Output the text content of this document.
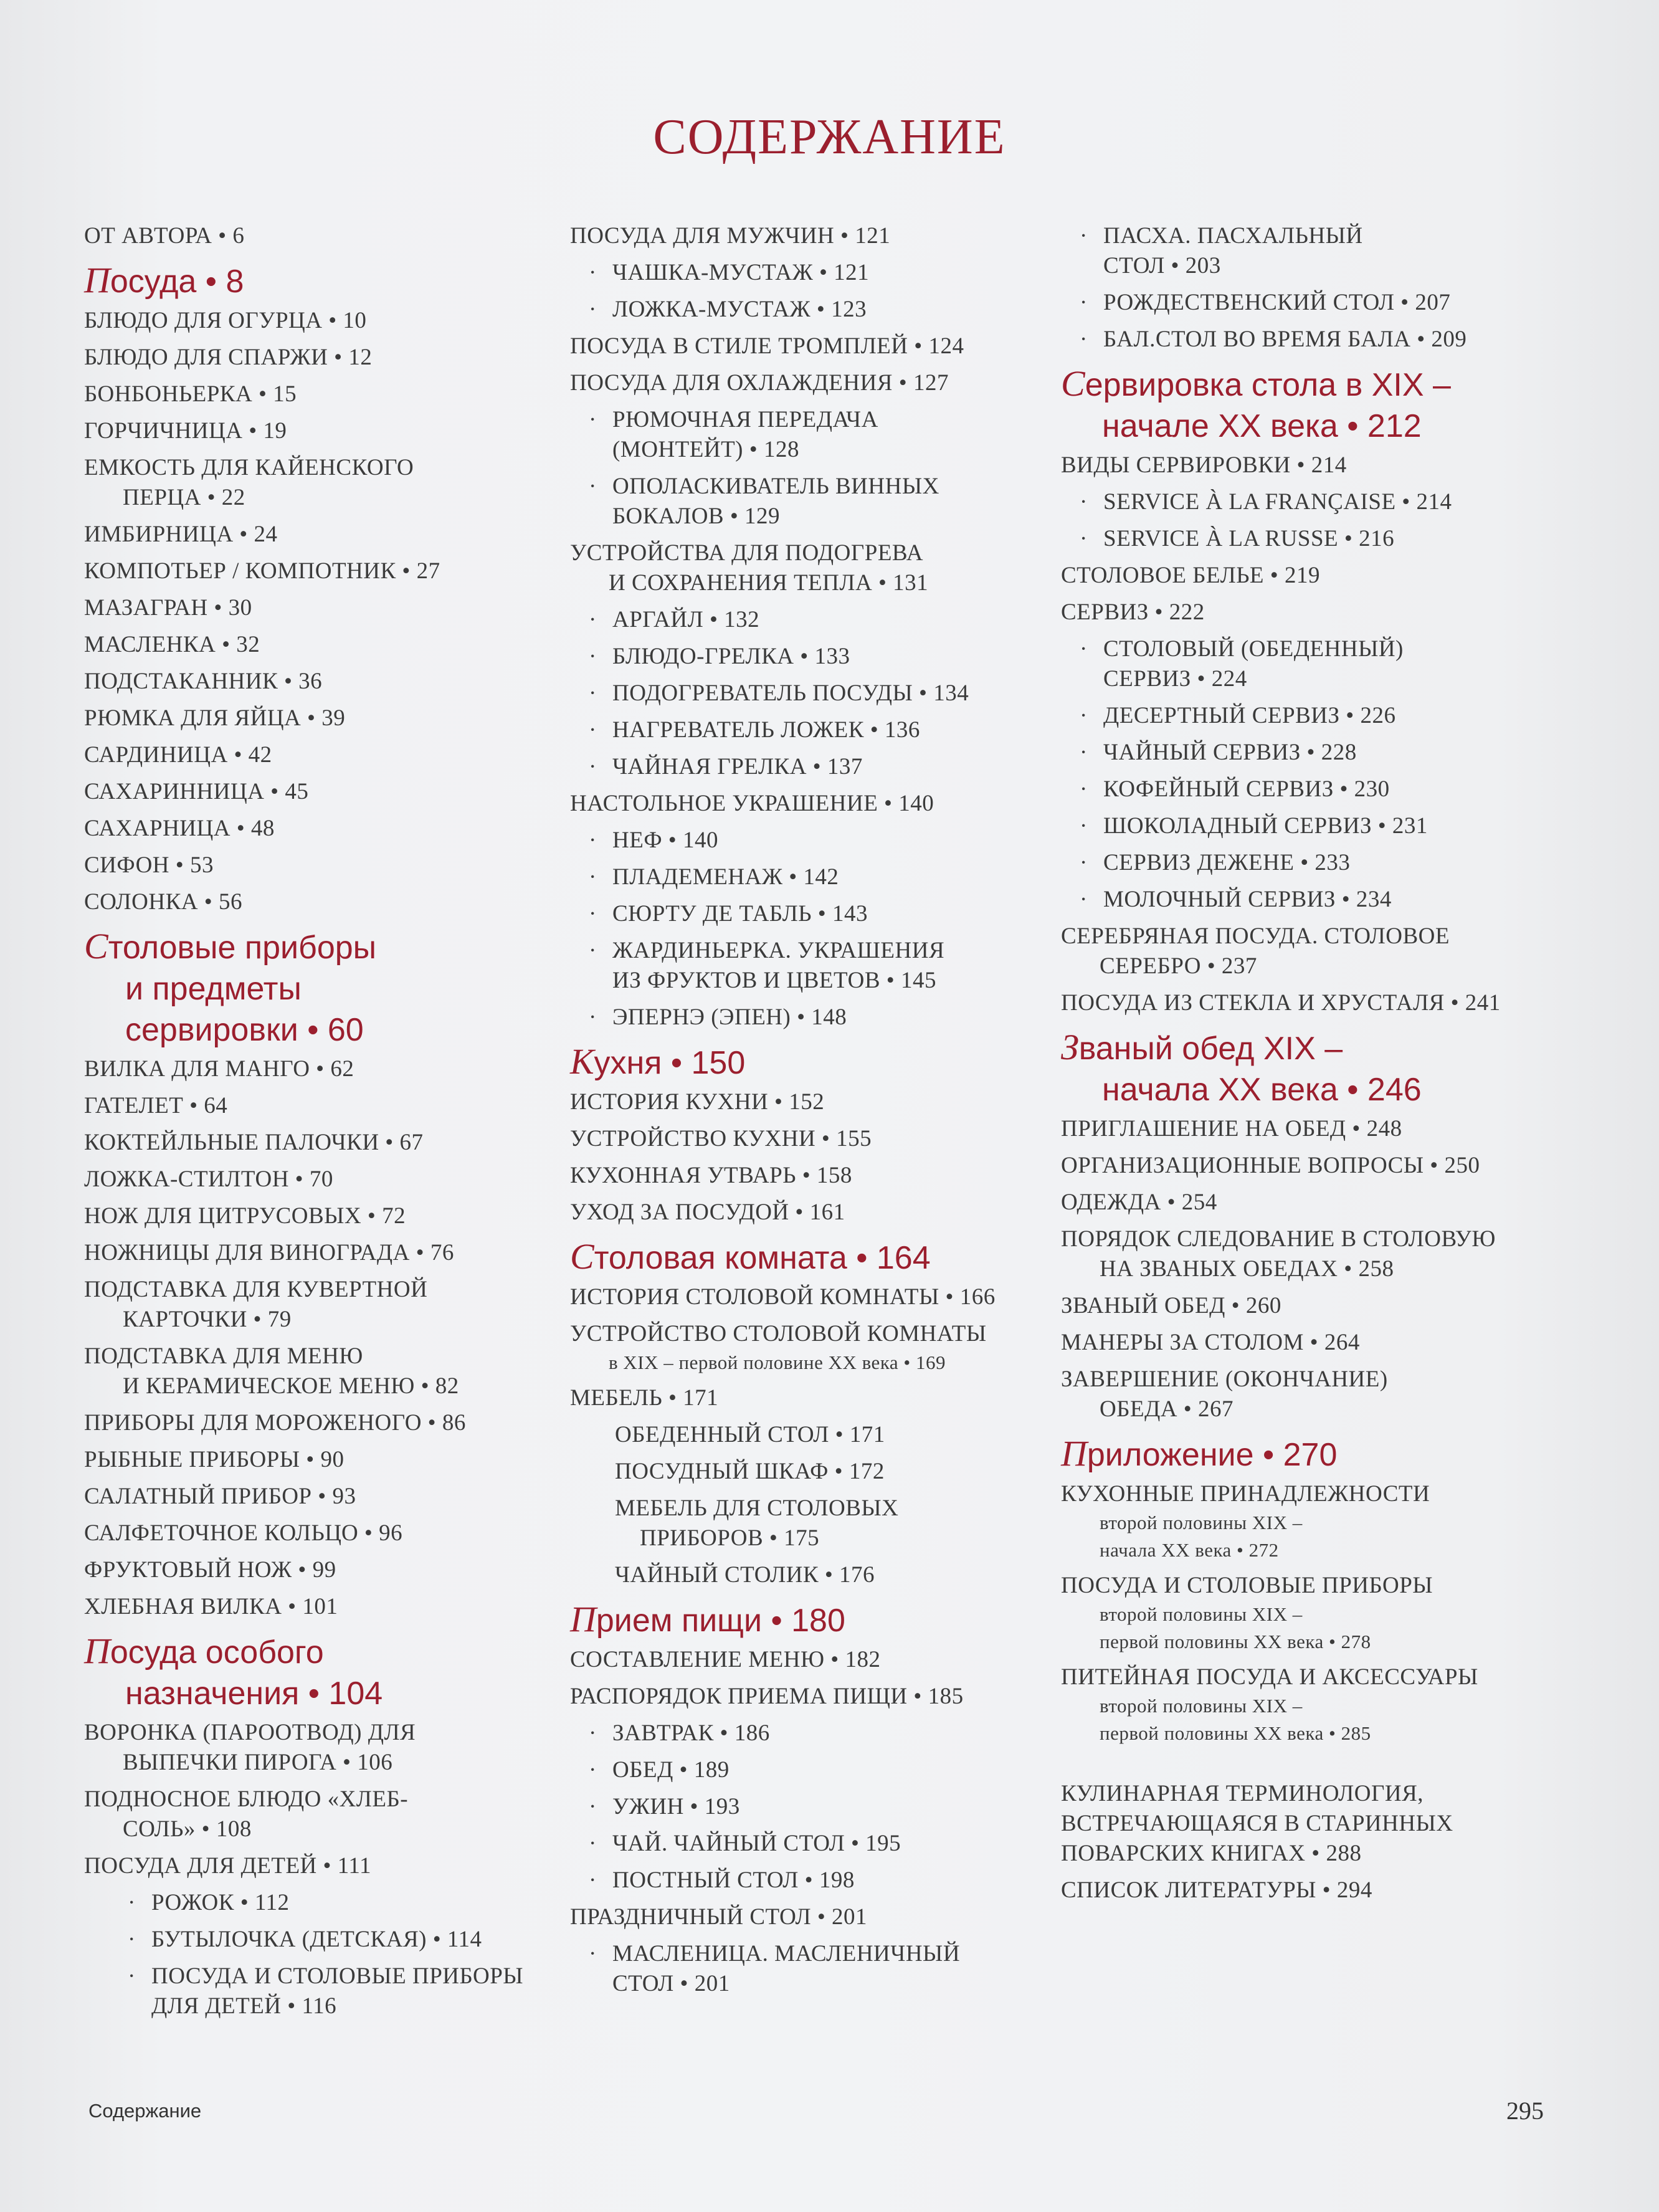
СОДЕРЖАНИЕ
ОТ АВТОРА • 6
Посуда • 8
БЛЮДО ДЛЯ ОГУРЦА • 10
БЛЮДО ДЛЯ СПАРЖИ • 12
БОНБОНЬЕРКА • 15
ГОРЧИЧНИЦА • 19
ЕМКОСТЬ ДЛЯ КАЙЕНСКОГО
ПЕРЦА • 22
ИМБИРНИЦА • 24
КОМПОТЬЕР / КОМПОТНИК • 27
МАЗАГРАН • 30
МАСЛЕНКА • 32
ПОДСТАКАННИК • 36
РЮМКА ДЛЯ ЯЙЦА • 39
САРДИНИЦА • 42
САХАРИННИЦА • 45
САХАРНИЦА • 48
СИФОН • 53
СОЛОНКА • 56
Столовые приборы
и предметы
сервировки • 60
ВИЛКА ДЛЯ МАНГО • 62
ГАТЕЛЕТ • 64
КОКТЕЙЛЬНЫЕ ПАЛОЧКИ • 67
ЛОЖКА-СТИЛТОН • 70
НОЖ ДЛЯ ЦИТРУСОВЫХ • 72
НОЖНИЦЫ ДЛЯ ВИНОГРАДА • 76
ПОДСТАВКА ДЛЯ КУВЕРТНОЙ
КАРТОЧКИ • 79
ПОДСТАВКА ДЛЯ МЕНЮ
И КЕРАМИЧЕСКОЕ МЕНЮ • 82
ПРИБОРЫ ДЛЯ МОРОЖЕНОГО • 86
РЫБНЫЕ ПРИБОРЫ • 90
САЛАТНЫЙ ПРИБОР • 93
САЛФЕТОЧНОЕ КОЛЬЦО • 96
ФРУКТОВЫЙ НОЖ • 99
ХЛЕБНАЯ ВИЛКА • 101
Посуда особого
назначения • 104
ВОРОНКА (ПАРООТВОД) ДЛЯ
ВЫПЕЧКИ ПИРОГА • 106
ПОДНОСНОЕ БЛЮДО «ХЛЕБ-
СОЛЬ» • 108
ПОСУДА ДЛЯ ДЕТЕЙ • 111
· РОЖОК • 112
· БУТЫЛОЧКА (ДЕТСКАЯ) • 114
· ПОСУДА И СТОЛОВЫЕ ПРИБОРЫ
ДЛЯ ДЕТЕЙ • 116
ПОСУДА ДЛЯ МУЖЧИН • 121
· ЧАШКА-МУСТАЖ • 121
· ЛОЖКА-МУСТАЖ • 123
ПОСУДА В СТИЛЕ ТРОМПЛЕЙ • 124
ПОСУДА ДЛЯ ОХЛАЖДЕНИЯ • 127
· РЮМОЧНАЯ ПЕРЕДАЧА
(МОНТЕЙТ) • 128
· ОПОЛАСКИВАТЕЛЬ ВИННЫХ
БОКАЛОВ • 129
УСТРОЙСТВА ДЛЯ ПОДОГРЕВА
И СОХРАНЕНИЯ ТЕПЛА • 131
· АРГАЙЛ • 132
· БЛЮДО-ГРЕЛКА • 133
· ПОДОГРЕВАТЕЛЬ ПОСУДЫ • 134
· НАГРЕВАТЕЛЬ ЛОЖЕК • 136
· ЧАЙНАЯ ГРЕЛКА • 137
НАСТОЛЬНОЕ УКРАШЕНИЕ • 140
· НЕФ • 140
· ПЛАДЕМЕНАЖ • 142
· СЮРТУ ДЕ ТАБЛЬ • 143
· ЖАРДИНЬЕРКА. УКРАШЕНИЯ
ИЗ ФРУКТОВ И ЦВЕТОВ • 145
· ЭПЕРНЭ (ЭПЕН) • 148
Кухня • 150
ИСТОРИЯ КУХНИ • 152
УСТРОЙСТВО КУХНИ • 155
КУХОННАЯ УТВАРЬ • 158
УХОД ЗА ПОСУДОЙ • 161
Столовая комната • 164
ИСТОРИЯ СТОЛОВОЙ КОМНАТЫ • 166
УСТРОЙСТВО СТОЛОВОЙ КОМНАТЫ
в XIX – первой половине XX века • 169
МЕБЕЛЬ • 171
ОБЕДЕННЫЙ СТОЛ • 171
ПОСУДНЫЙ ШКАФ • 172
МЕБЕЛЬ ДЛЯ СТОЛОВЫХ
ПРИБОРОВ • 175
ЧАЙНЫЙ СТОЛИК • 176
Прием пищи • 180
СОСТАВЛЕНИЕ МЕНЮ • 182
РАСПОРЯДОК ПРИЕМА ПИЩИ • 185
· ЗАВТРАК • 186
· ОБЕД • 189
· УЖИН • 193
· ЧАЙ. ЧАЙНЫЙ СТОЛ • 195
· ПОСТНЫЙ СТОЛ • 198
ПРАЗДНИЧНЫЙ СТОЛ • 201
· МАСЛЕНИЦА. МАСЛЕНИЧНЫЙ
СТОЛ • 201
· ПАСХА. ПАСХАЛЬНЫЙ
СТОЛ • 203
· РОЖДЕСТВЕНСКИЙ СТОЛ • 207
· БАЛ.СТОЛ ВО ВРЕМЯ БАЛА • 209
Сервировка стола в XIX –
начале XX века • 212
ВИДЫ СЕРВИРОВКИ • 214
· SERVICE À LA FRANÇAISE • 214
· SERVICE À LA RUSSE • 216
СТОЛОВОЕ БЕЛЬЕ • 219
СЕРВИЗ • 222
· СТОЛОВЫЙ (ОБЕДЕННЫЙ)
СЕРВИЗ • 224
· ДЕСЕРТНЫЙ СЕРВИЗ • 226
· ЧАЙНЫЙ СЕРВИЗ • 228
· КОФЕЙНЫЙ СЕРВИЗ • 230
· ШОКОЛАДНЫЙ СЕРВИЗ • 231
· СЕРВИЗ ДЕЖЕНЕ • 233
· МОЛОЧНЫЙ СЕРВИЗ • 234
СЕРЕБРЯНАЯ ПОСУДА. СТОЛОВОЕ
СЕРЕБРО • 237
ПОСУДА ИЗ СТЕКЛА И ХРУСТАЛЯ • 241
Званый обед XIX –
начала XX века • 246
ПРИГЛАШЕНИЕ НА ОБЕД • 248
ОРГАНИЗАЦИОННЫЕ ВОПРОСЫ • 250
ОДЕЖДА • 254
ПОРЯДОК СЛЕДОВАНИЕ В СТОЛОВУЮ
НА ЗВАНЫХ ОБЕДАХ • 258
ЗВАНЫЙ ОБЕД • 260
МАНЕРЫ ЗА СТОЛОМ • 264
ЗАВЕРШЕНИЕ (ОКОНЧАНИЕ)
ОБЕДА • 267
Приложение • 270
КУХОННЫЕ ПРИНАДЛЕЖНОСТИ
второй половины XIX –
начала XX века • 272
ПОСУДА И СТОЛОВЫЕ ПРИБОРЫ
второй половины XIX –
первой половины XX века • 278
ПИТЕЙНАЯ ПОСУДА И АКСЕССУАРЫ
второй половины XIX –
первой половины XX века • 285
КУЛИНАРНАЯ ТЕРМИНОЛОГИЯ,
ВСТРЕЧАЮЩАЯСЯ В СТАРИННЫХ
ПОВАРСКИХ КНИГАХ • 288
СПИСОК ЛИТЕРАТУРЫ • 294
Содержание	295
